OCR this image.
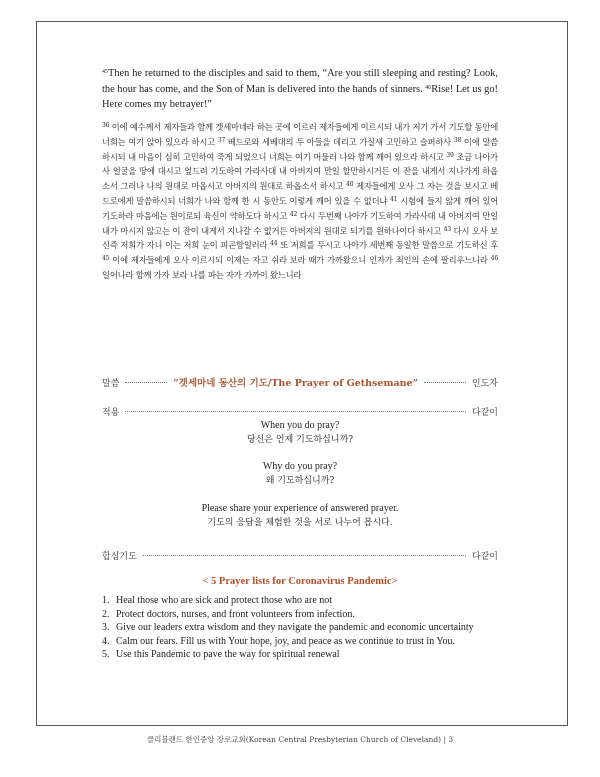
$^{45}$Then he returned to the disciples and said to them, “Are you still sleeping and resting? Look, the hour has come, and the Son of Man is delivered into the hands of sinners. $^{46}$Rise! Let us go! Here comes my betrayer!”

$^{36}$ 이에 예수께서 제자들과 함께 겟세마네라 하는 곳에 이르러 제자들에게 이르시되 내가 저기 가서 기도할 동안에 너희는 여기 앉아 있으라 하시고 $^{37}$ 베드로와 세베대의 두 아들을 데리고 가실새 고민하고 슬퍼하사 $^{38}$ 이에 말씀하시되 내 마음이 심히 고민하여 죽게 되었으니 너희는 여기 머물러 나와 함께 깨어 있으라 하시고 $^{39}$ 조금 나아가사 얼굴을 땅에 대시고 엎드려 기도하여 가라사대 내 아버지여 만일 할만하시거든 이 잔을 내게서 지나가게 하옵소서 그러나 나의 원대로 마옵시고 아버지의 원대로 하옵소서 하시고 $^{40}$ 제자들에게 오사 그 자는 것을 보시고 베드로에게 말씀하시되 너희가 나와 함께 한 시 동안도 이렇게 깨어 있을 수 없더냐 $^{41}$ 시험에 들지 않게 깨어 있어 기도하라 마음에는 원이로되 육신이 약하도다 하시고 $^{42}$ 다시 두번째 나아가 기도하여 가라사대 내 아버지여 만일 내가 마시지 않고는 이 잔이 내게서 지나갈 수 없거든 아버지의 원대로 되기를 원하나이다 하시고 $^{43}$ 다시 오사 보신즉 저희가 자니 이는 저희 눈이 피곤함일러라 $^{44}$ 또 저희를 두시고 나아가 세번째 동일한 말씀으로 기도하신 후 $^{45}$ 이에 제자들에게 오사 이르시되 이제는 자고 쉬라 보라 때가 가까왔으니 인자가 죄인의 손에 팔리우느니라 $^{46}$ 일어나라 함께 가자 보라 나를 파는 자가 가까이 왔느니라

말씀	“겟세마네 동산의 기도/The Prayer of Gethsemane”	인도자
적용	다같이
When you do pray?
당신은 언제 기도하십니까?
Why do you pray?
왜 기도하십니까?
Please share your experience of answered prayer.
기도의 응답을 체험한 것을 서로 나누어 봅시다.
합심기도	다같이
< 5 Prayer lists for Coronavirus Pandemic>
1. Heal those who are sick and protect those who are not
2. Protect doctors, nurses, and front volunteers from infection.
3. Give our leaders extra wisdom and they navigate the pandemic and economic uncertainty
4. Calm our fears. Fill us with Your hope, joy, and peace as we continue to trust in You.
5. Use this Pandemic to pave the way for spiritual renewal
클리블랜드 한인중앙 장로교회(Korean Central Presbyterian Church of Cleveland) | 3
